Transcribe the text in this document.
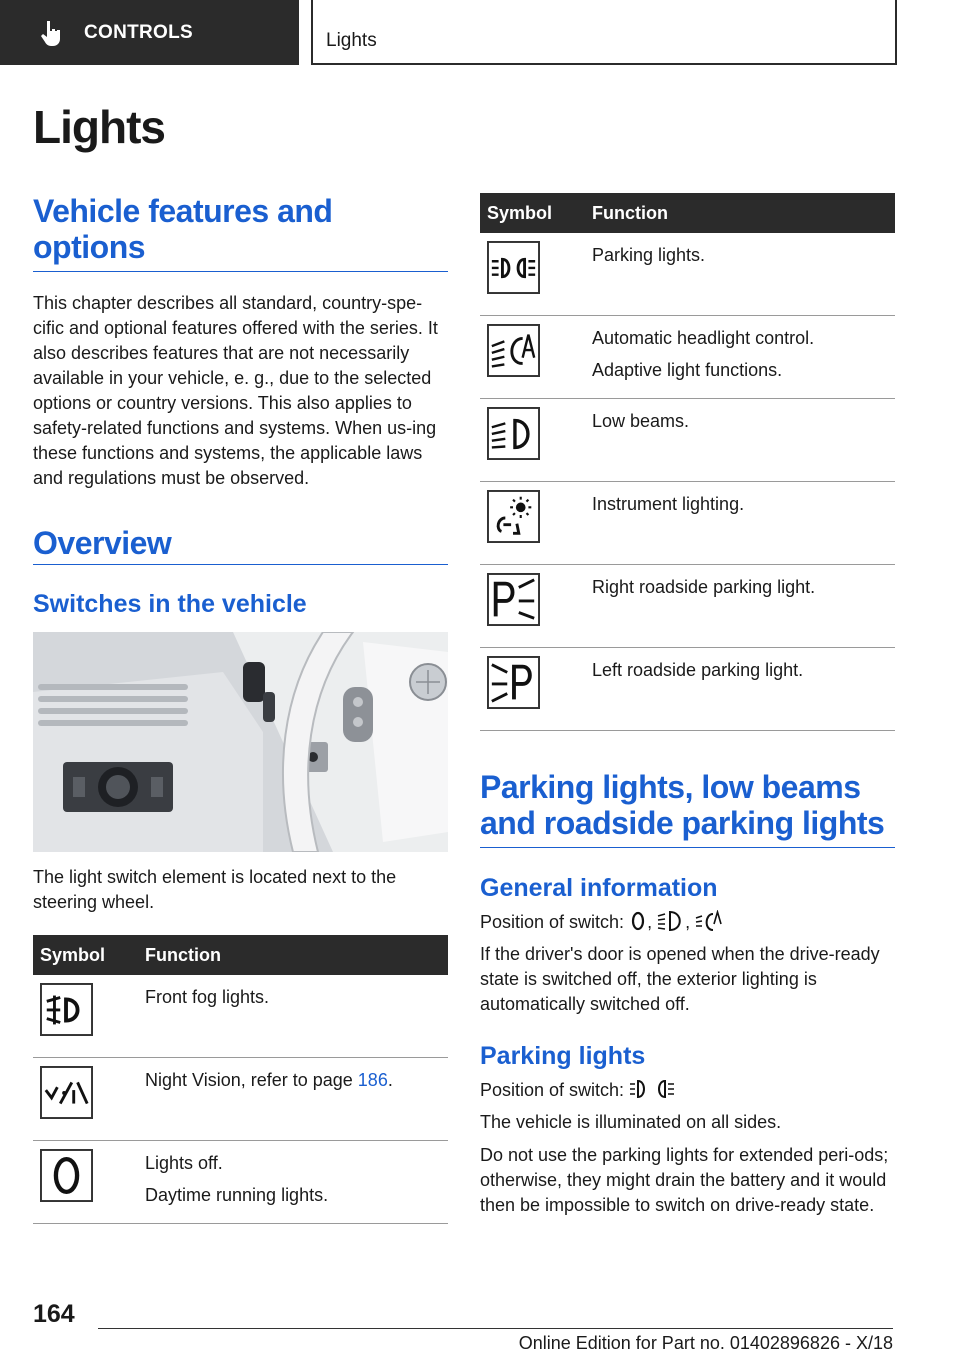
CONTROLS	Lights
Lights
Vehicle features and options

This chapter describes all standard, country-spe-cific and optional features offered with the series. It also describes features that are not necessarily available in your vehicle, e. g., due to the selected options or country versions. This also applies to safety-related functions and systems. When us-ing these functions and systems, the applicable laws and regulations must be observed.

Overview
Switches in the vehicle

The light switch element is located next to the steering wheel.

Symbol	Function

Front fog lights.

Night Vision, refer to page 186.

Lights off.
Daytime running lights.
Symbol	Function

Parking lights.

Automatic headlight control.
Adaptive light functions.

Low beams.

Instrument lighting.

Right roadside parking light.

Left roadside parking light.
Parking lights, low beams and roadside parking lights
General information

Position of switch: , ,

If the driver's door is opened when the drive-ready state is switched off, the exterior lighting is automatically switched off.

Parking lights

Position of switch:

The vehicle is illuminated on all sides.

Do not use the parking lights for extended peri-ods; otherwise, they might drain the battery and it would then be impossible to switch on drive-ready state.

164
Online Edition for Part no. 01402896826 - X/18
